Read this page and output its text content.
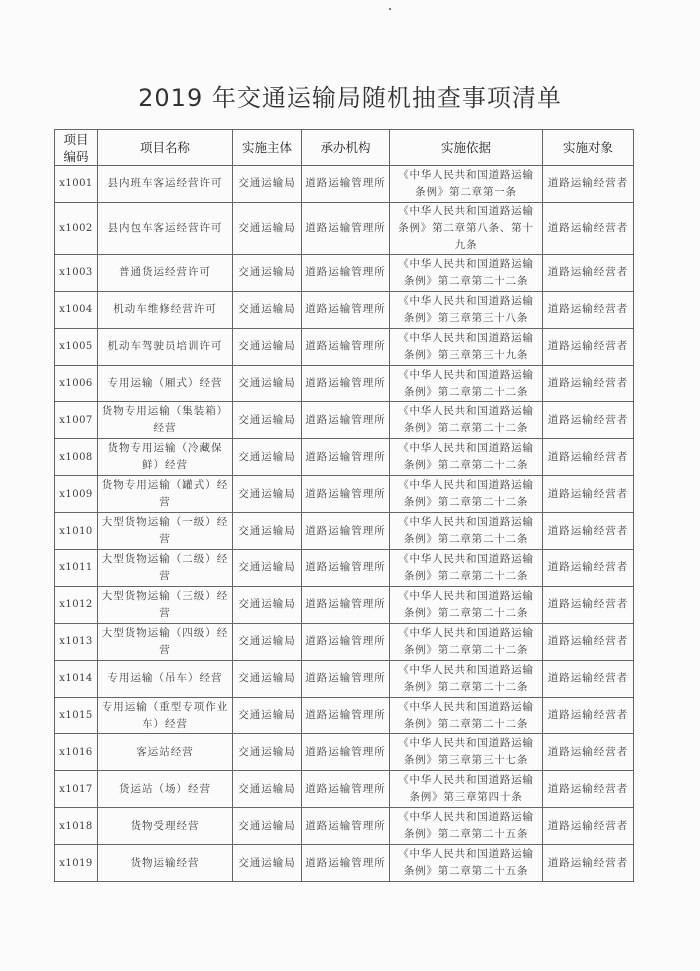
2019 年交通运输局随机抽查事项清单
项目编码	项目名称	实施主体	承办机构	实施依据	实施对象
x1001	县内班车客运经营许可	交通运输局	道路运输管理所	《中华人民共和国道路运输条例》第二章第一条	道路运输经营者
x1002	县内包车客运经营许可	交通运输局	道路运输管理所	《中华人民共和国道路运输条例》第二章第八条、第十九条	道路运输经营者
x1003	普通货运经营许可	交通运输局	道路运输管理所	《中华人民共和国道路运输条例》第二章第二十二条	道路运输经营者
x1004	机动车维修经营许可	交通运输局	道路运输管理所	《中华人民共和国道路运输条例》第三章第三十八条	道路运输经营者
x1005	机动车驾驶员培训许可	交通运输局	道路运输管理所	《中华人民共和国道路运输条例》第三章第三十九条	道路运输经营者
x1006	专用运输（厢式）经营	交通运输局	道路运输管理所	《中华人民共和国道路运输条例》第二章第二十二条	道路运输经营者
x1007	货物专用运输（集装箱）经营	交通运输局	道路运输管理所	《中华人民共和国道路运输条例》第二章第二十二条	道路运输经营者
x1008	货物专用运输（冷藏保鲜）经营	交通运输局	道路运输管理所	《中华人民共和国道路运输条例》第二章第二十二条	道路运输经营者
x1009	货物专用运输（罐式）经营	交通运输局	道路运输管理所	《中华人民共和国道路运输条例》第二章第二十二条	道路运输经营者
x1010	大型货物运输（一级）经营	交通运输局	道路运输管理所	《中华人民共和国道路运输条例》第二章第二十二条	道路运输经营者
x1011	大型货物运输（二级）经营	交通运输局	道路运输管理所	《中华人民共和国道路运输条例》第二章第二十二条	道路运输经营者
x1012	大型货物运输（三级）经营	交通运输局	道路运输管理所	《中华人民共和国道路运输条例》第二章第二十二条	道路运输经营者
x1013	大型货物运输（四级）经营	交通运输局	道路运输管理所	《中华人民共和国道路运输条例》第二章第二十二条	道路运输经营者
x1014	专用运输（吊车）经营	交通运输局	道路运输管理所	《中华人民共和国道路运输条例》第二章第二十二条	道路运输经营者
x1015	专用运输（重型专项作业车）经营	交通运输局	道路运输管理所	《中华人民共和国道路运输条例》第二章第二十二条	道路运输经营者
x1016	客运站经营	交通运输局	道路运输管理所	《中华人民共和国道路运输条例》第三章第三十七条	道路运输经营者
x1017	货运站（场）经营	交通运输局	道路运输管理所	《中华人民共和国道路运输条例》第三章第四十条	道路运输经营者
x1018	货物受理经营	交通运输局	道路运输管理所	《中华人民共和国道路运输条例》第二章第二十五条	道路运输经营者
x1019	货物运输经营	交通运输局	道路运输管理所	《中华人民共和国道路运输条例》第二章第二十五条	道路运输经营者
